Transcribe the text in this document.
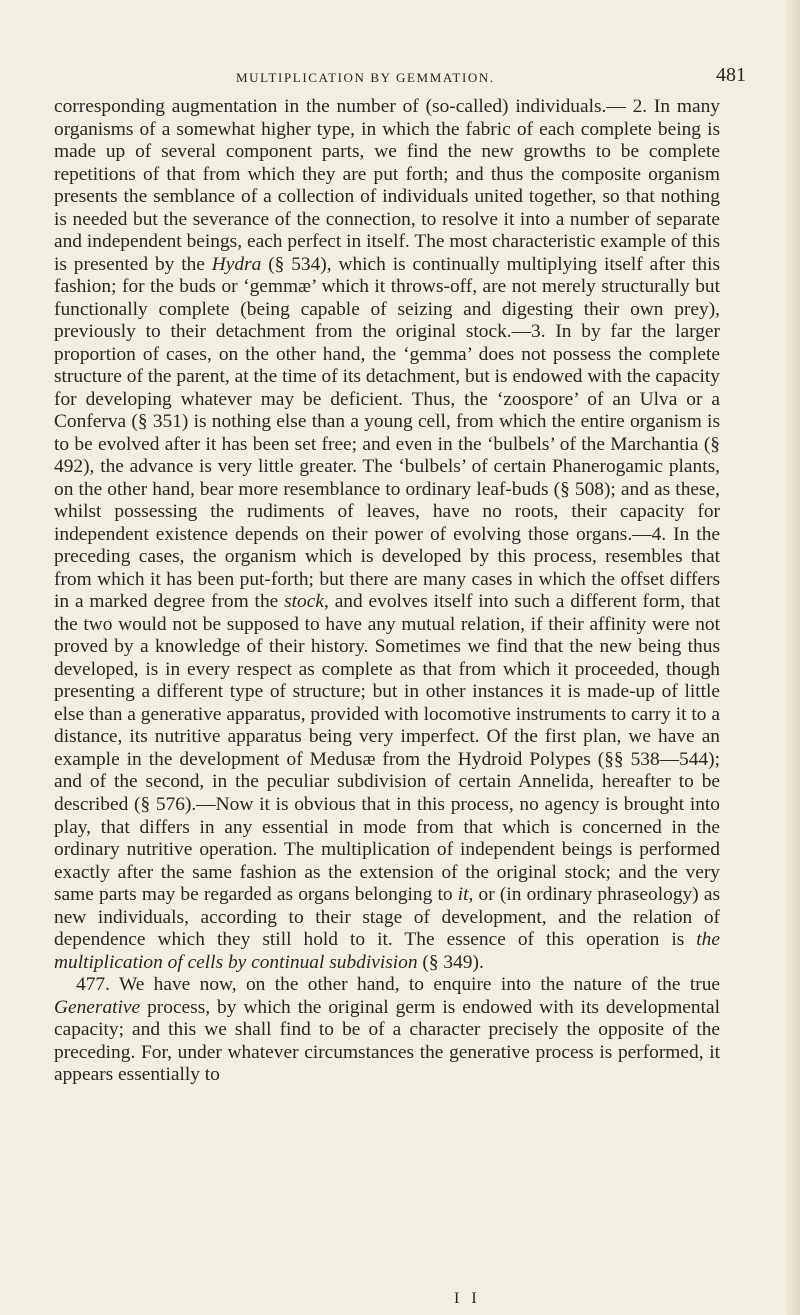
MULTIPLICATION BY GEMMATION.	481

corresponding augmentation in the number of (so-called) individuals.— 2. In many organisms of a somewhat higher type, in which the fabric of each complete being is made up of several component parts, we find the new growths to be complete repetitions of that from which they are put forth; and thus the composite organism presents the semblance of a collection of individuals united together, so that nothing is needed but the severance of the connection, to resolve it into a number of separate and independent beings, each perfect in itself. The most characteristic example of this is presented by the Hydra (§ 534), which is continually multiplying itself after this fashion; for the buds or ‘gemmæ’ which it throws-off, are not merely structurally but functionally complete (being capable of seizing and digesting their own prey), previously to their detachment from the original stock.—3. In by far the larger proportion of cases, on the other hand, the ‘gemma’ does not possess the complete structure of the parent, at the time of its detachment, but is endowed with the capacity for developing whatever may be deficient. Thus, the ‘zoospore’ of an Ulva or a Conferva (§ 351) is nothing else than a young cell, from which the entire organism is to be evolved after it has been set free; and even in the ‘bulbels’ of the Marchantia (§ 492), the advance is very little greater. The ‘bulbels’ of certain Phanerogamic plants, on the other hand, bear more resemblance to ordinary leaf-buds (§ 508); and as these, whilst possessing the rudiments of leaves, have no roots, their capacity for independent existence depends on their power of evolving those organs.—4. In the preceding cases, the organism which is developed by this process, resembles that from which it has been put-forth; but there are many cases in which the offset differs in a marked degree from the stock, and evolves itself into such a different form, that the two would not be supposed to have any mutual relation, if their affinity were not proved by a knowledge of their history. Sometimes we find that the new being thus developed, is in every respect as complete as that from which it proceeded, though presenting a different type of structure; but in other instances it is made-up of little else than a generative apparatus, provided with locomotive instruments to carry it to a distance, its nutritive apparatus being very imperfect. Of the first plan, we have an example in the development of Medusæ from the Hydroid Polypes (§§ 538—544); and of the second, in the peculiar subdivision of certain Annelida, hereafter to be described (§ 576).—Now it is obvious that in this process, no agency is brought into play, that differs in any essential in mode from that which is concerned in the ordinary nutritive operation. The multiplication of independent beings is performed exactly after the same fashion as the extension of the original stock; and the very same parts may be regarded as organs belonging to it, or (in ordinary phraseology) as new individuals, according to their stage of development, and the relation of dependence which they still hold to it. The essence of this operation is the multiplication of cells by continual subdivision (§ 349).

477. We have now, on the other hand, to enquire into the nature of the true Generative process, by which the original germ is endowed with its developmental capacity; and this we shall find to be of a character precisely the opposite of the preceding. For, under whatever circumstances the generative process is performed, it appears essentially to

I I
